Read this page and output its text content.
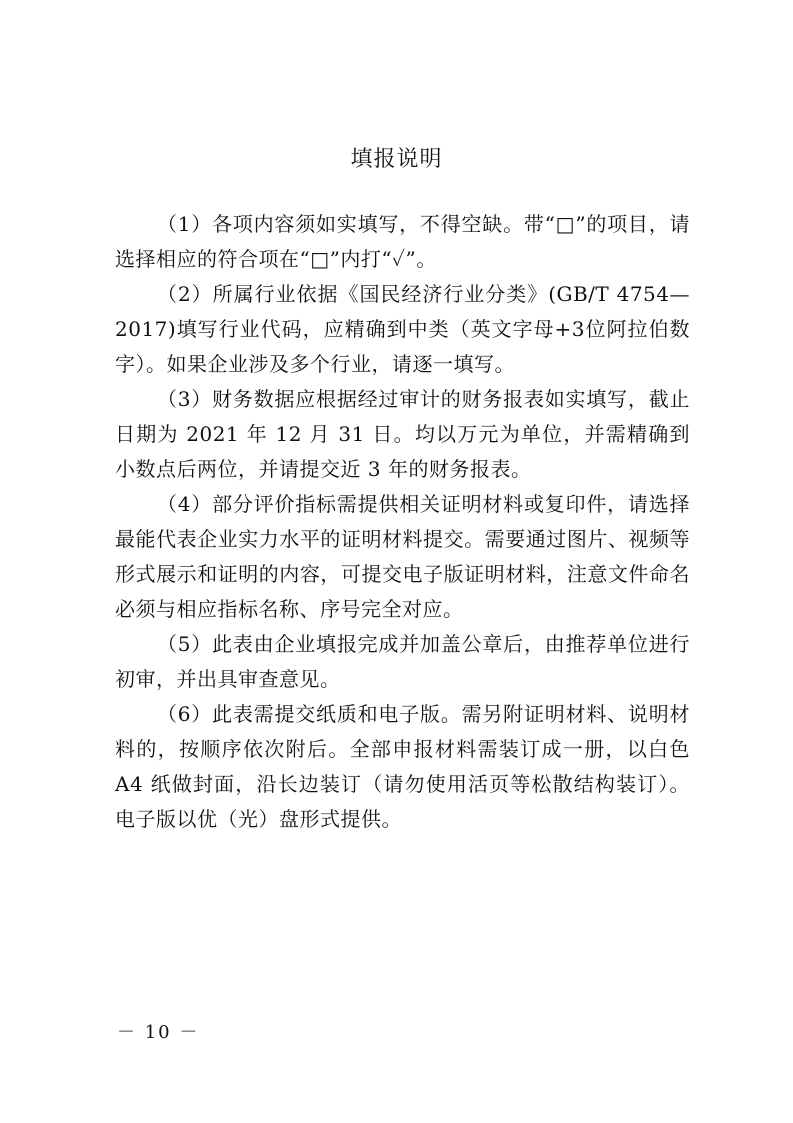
填报说明

（1）各项内容须如实填写，不得空缺。带“□”的项目，请选择相应的符合项在“□”内打“✓”。

（2）所属行业依据《国民经济行业分类》(GB/T 4754—2017)填写行业代码，应精确到中类（英文字母+3位阿拉伯数字）。如果企业涉及多个行业，请逐一填写。

（3）财务数据应根据经过审计的财务报表如实填写，截止日期为 2021 年 12 月 31 日。均以万元为单位，并需精确到小数点后两位，并请提交近 3 年的财务报表。

（4）部分评价指标需提供相关证明材料或复印件，请选择最能代表企业实力水平的证明材料提交。需要通过图片、视频等形式展示和证明的内容，可提交电子版证明材料，注意文件命名必须与相应指标名称、序号完全对应。

（5）此表由企业填报完成并加盖公章后，由推荐单位进行初审，并出具审查意见。

（6）此表需提交纸质和电子版。需另附证明材料、说明材料的，按顺序依次附后。全部申报材料需装订成一册，以白色 A4 纸做封面，沿长边装订（请勿使用活页等松散结构装订）。电子版以优（光）盘形式提供。

－ 10 －
